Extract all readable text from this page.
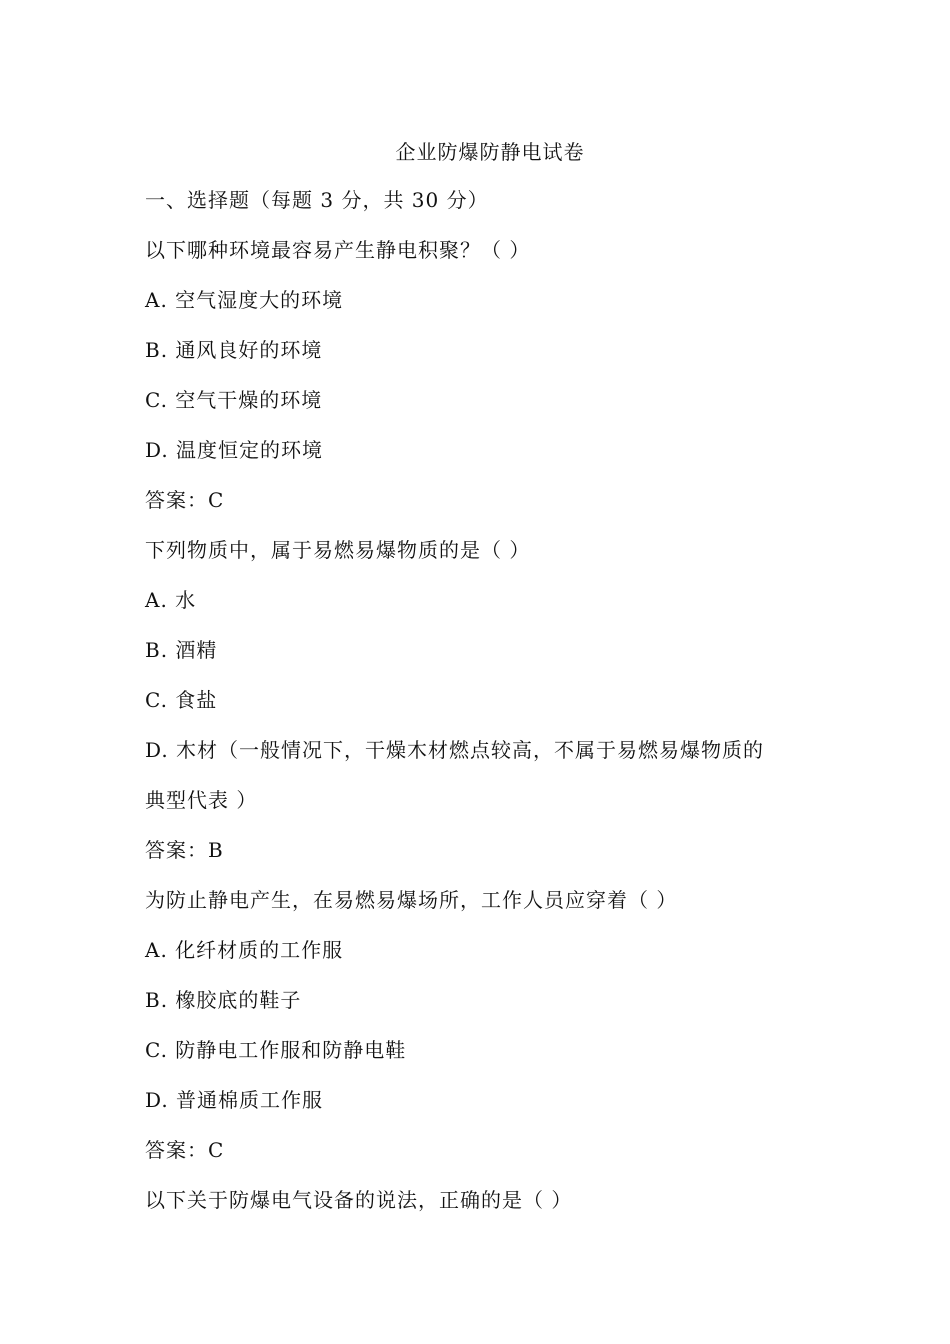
企业防爆防静电试卷
一、选择题（每题 3 分，共 30 分）
以下哪种环境最容易产生静电积聚？（ ）
A. 空气湿度大的环境
B. 通风良好的环境
C. 空气干燥的环境
D. 温度恒定的环境
答案：C
下列物质中，属于易燃易爆物质的是（ ）
A. 水
B. 酒精
C. 食盐
D. 木材（一般情况下，干燥木材燃点较高，不属于易燃易爆物质的
典型代表 ）
答案：B
为防止静电产生，在易燃易爆场所，工作人员应穿着（ ）
A. 化纤材质的工作服
B. 橡胶底的鞋子
C. 防静电工作服和防静电鞋
D. 普通棉质工作服
答案：C
以下关于防爆电气设备的说法，正确的是（ ）
